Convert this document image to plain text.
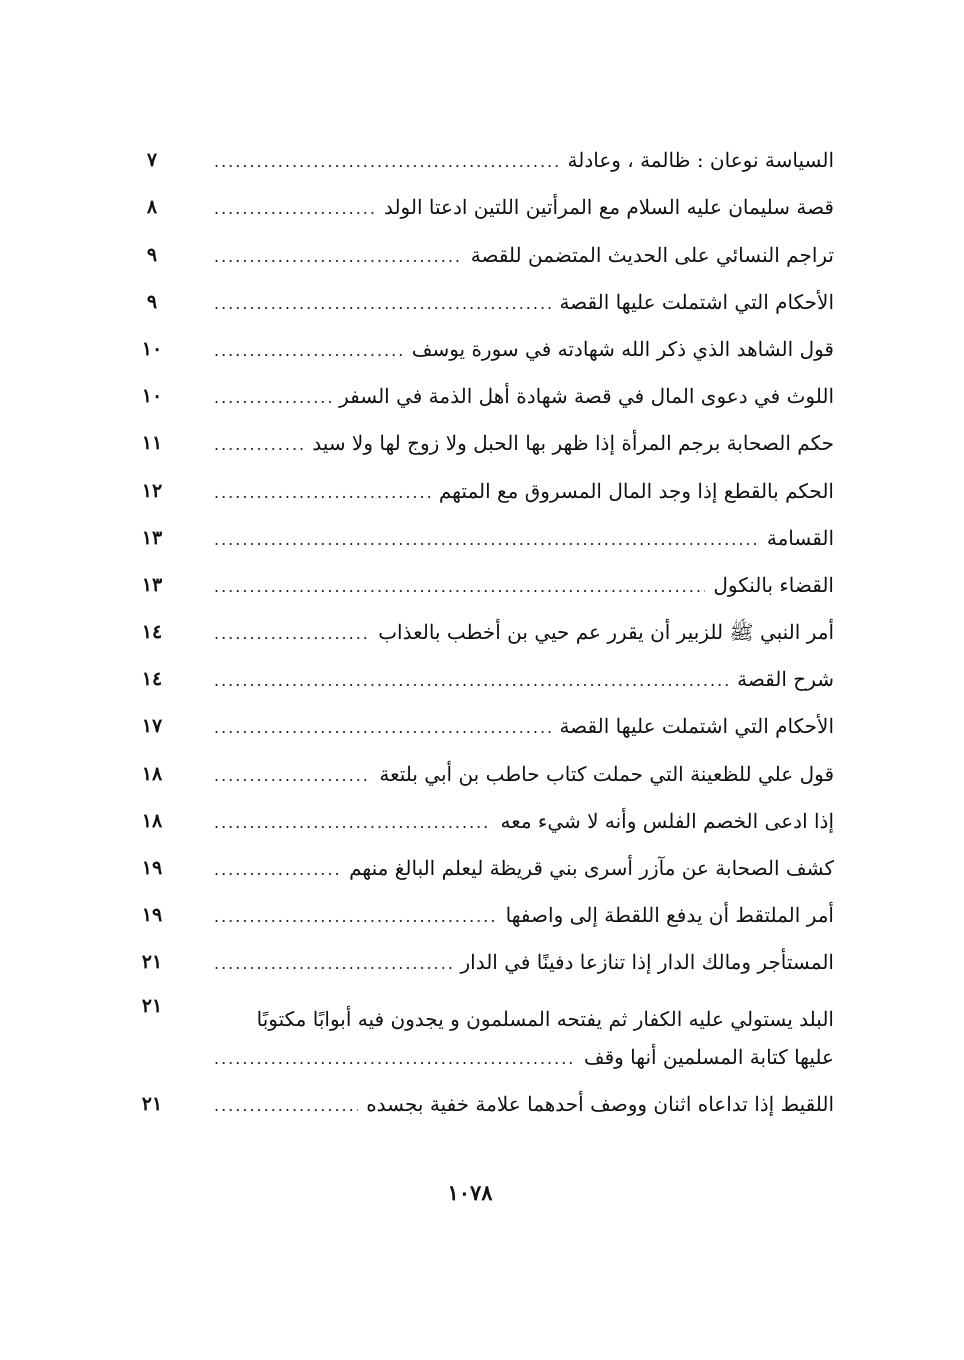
السياسة نوعان : ظالمة ، وعادلة
.....
٧
قصة سليمان عليه السلام مع المرأتين اللتين ادعتا الولد
.....
٨
تراجم النسائي على الحديث المتضمن للقصة
.....
٩
الأحكام التي اشتملت عليها القصة
.....
٩
قول الشاهد الذي ذكر الله شهادته في سورة يوسف
.....
١٠
اللوث في دعوى المال في قصة شهادة أهل الذمة في السفر
.....
١٠
حكم الصحابة برجم المرأة إذا ظهر بها الحبل ولا زوج لها ولا سيد
.....
١١
الحكم بالقطع إذا وجد المال المسروق مع المتهم
.....
١٢
القسامة
.....
١٣
القضاء بالنكول
.....
١٣
أمر النبي ﷺ للزبير أن يقرر عم حيي بن أخطب بالعذاب
.....
١٤
شرح القصة
.....
١٤
الأحكام التي اشتملت عليها القصة
.....
١٧
قول علي للظعينة التي حملت كتاب حاطب بن أبي بلتعة
.....
١٨
إذا ادعى الخصم الفلس وأنه لا شيء معه
.....
١٨
كشف الصحابة عن مآزر أسرى بني قريظة ليعلم البالغ منهم
.....
١٩
أمر الملتقط أن يدفع اللقطة إلى واصفها
.....
١٩
المستأجر ومالك الدار إذا تنازعا دفينًا في الدار
.....
٢١
البلد يستولي عليه الكفار ثم يفتحه المسلمون و يجدون فيه أبوابًا مكتوبًا
عليها كتابة المسلمين أنها وقف
.....
٢١
اللقيط إذا تداعاه اثنان ووصف أحدهما علامة خفية بجسده
.....
٢١
١٠٧٨
